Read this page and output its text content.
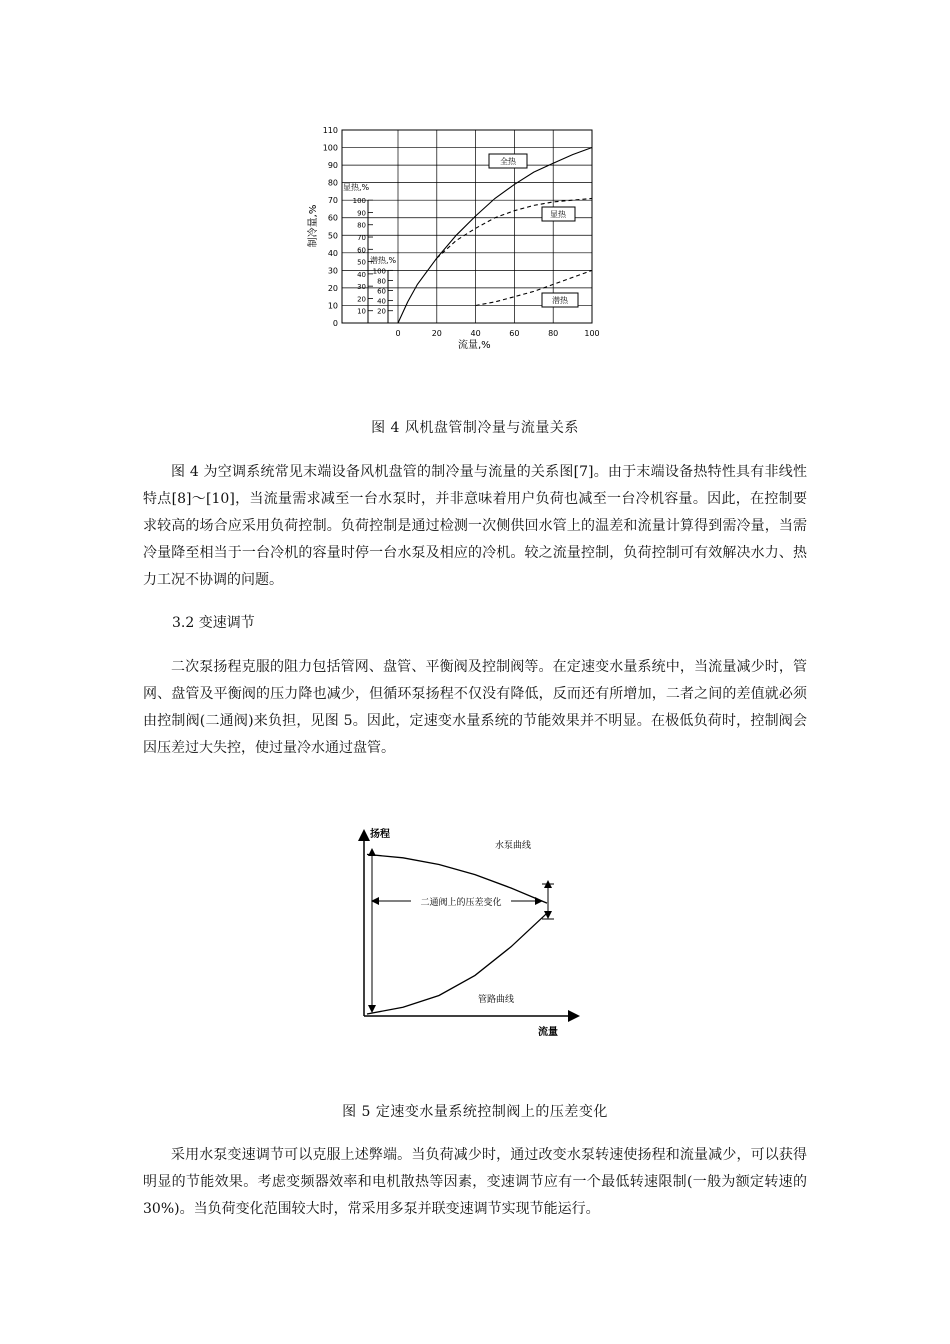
0
10
20
30
40
50
60
70
80
90
100
110
0	20	40	60	80	100
100
90
80
70
60
50
40
30
20
10
100
80
60
40
20
制冷量,%
流量,%
显热,%
潜热,%
全热
显热
潜热
图 4 风机盘管制冷量与流量关系

图 4 为空调系统常见末端设备风机盘管的制冷量与流量的关系图[7]。由于末端设备热特性具有非线性特点[8]～[10]，当流量需求减至一台水泵时，并非意味着用户负荷也减至一台冷机容量。因此，在控制要求较高的场合应采用负荷控制。负荷控制是通过检测一次侧供回水管上的温差和流量计算得到需冷量，当需冷量降至相当于一台冷机的容量时停一台水泵及相应的冷机。较之流量控制，负荷控制可有效解决水力、热力工况不协调的问题。

3.2 变速调节

二次泵扬程克服的阻力包括管网、盘管、平衡阀及控制阀等。在定速变水量系统中，当流量减少时，管网、盘管及平衡阀的压力降也减少，但循环泵扬程不仅没有降低，反而还有所增加，二者之间的差值就必须由控制阀(二通阀)来负担，见图 5。因此，定速变水量系统的节能效果并不明显。在极低负荷时，控制阀会因压差过大失控，使过量冷水通过盘管。

扬程
流量
二通阀上的压差变化
水泵曲线
管路曲线
图 5 定速变水量系统控制阀上的压差变化

采用水泵变速调节可以克服上述弊端。当负荷减少时，通过改变水泵转速使扬程和流量减少，可以获得明显的节能效果。考虑变频器效率和电机散热等因素，变速调节应有一个最低转速限制(一般为额定转速的 30%)。当负荷变化范围较大时，常采用多泵并联变速调节实现节能运行。
